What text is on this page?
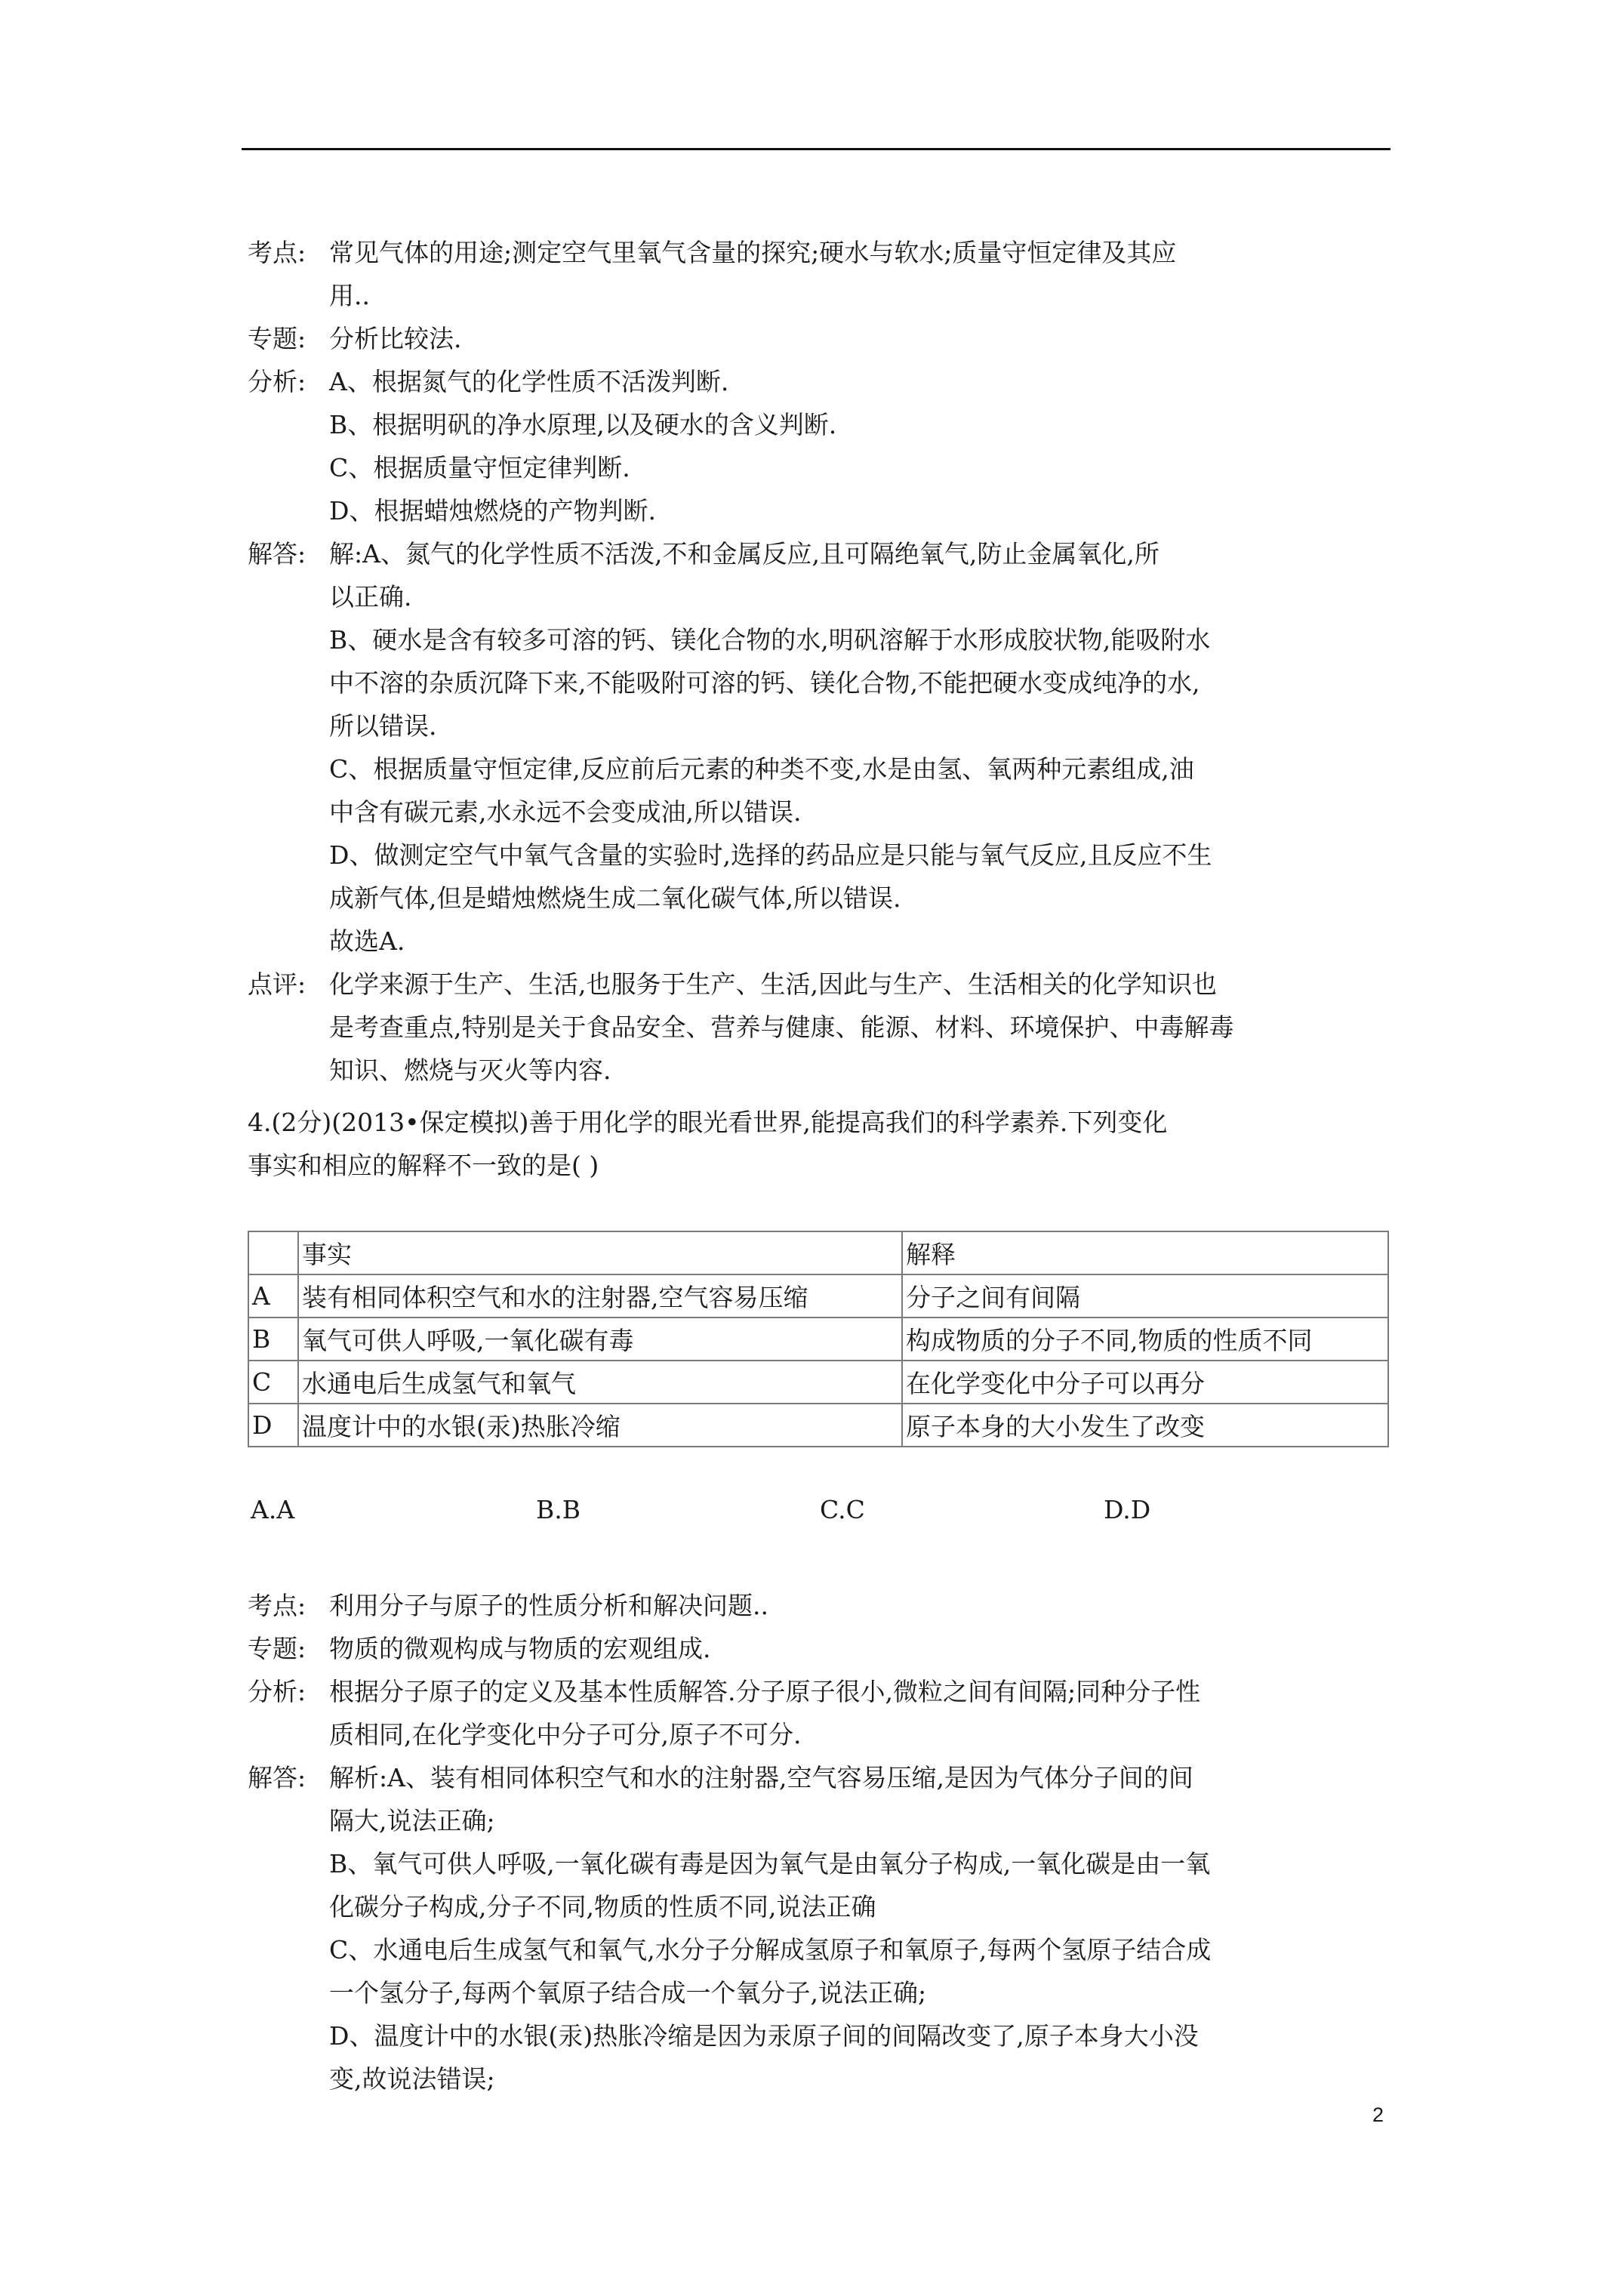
考点: 常见气体的用途;测定空气里氧气含量的探究;硬水与软水;质量守恒定律及其应
用..
专题: 分析比较法.
分析: A、根据氮气的化学性质不活泼判断.
B、根据明矾的净水原理,以及硬水的含义判断.
C、根据质量守恒定律判断.
D、根据蜡烛燃烧的产物判断.
解答: 解:A、氮气的化学性质不活泼,不和金属反应,且可隔绝氧气,防止金属氧化,所
以正确.
B、硬水是含有较多可溶的钙、镁化合物的水,明矾溶解于水形成胶状物,能吸附水
中不溶的杂质沉降下来,不能吸附可溶的钙、镁化合物,不能把硬水变成纯净的水,
所以错误.
C、根据质量守恒定律,反应前后元素的种类不变,水是由氢、氧两种元素组成,油
中含有碳元素,水永远不会变成油,所以错误.
D、做测定空气中氧气含量的实验时,选择的药品应是只能与氧气反应,且反应不生
成新气体,但是蜡烛燃烧生成二氧化碳气体,所以错误.
故选A.
点评: 化学来源于生产、生活,也服务于生产、生活,因此与生产、生活相关的化学知识也
是考查重点,特别是关于食品安全、营养与健康、能源、材料、环境保护、中毒解毒
知识、燃烧与灭火等内容.
4.(2分)(2013•保定模拟)善于用化学的眼光看世界,能提高我们的科学素养.下列变化
事实和相应的解释不一致的是( )
	事实	解释
A	装有相同体积空气和水的注射器,空气容易压缩	分子之间有间隔
B	氧气可供人呼吸,一氧化碳有毒	构成物质的分子不同,物质的性质不同
C	水通电后生成氢气和氧气	在化学变化中分子可以再分
D	温度计中的水银(汞)热胀冷缩	原子本身的大小发生了改变
A.A	B.B	C.C	D.D
考点: 利用分子与原子的性质分析和解决问题..
专题: 物质的微观构成与物质的宏观组成.
分析: 根据分子原子的定义及基本性质解答.分子原子很小,微粒之间有间隔;同种分子性
质相同,在化学变化中分子可分,原子不可分.
解答: 解析:A、装有相同体积空气和水的注射器,空气容易压缩,是因为气体分子间的间
隔大,说法正确;
B、氧气可供人呼吸,一氧化碳有毒是因为氧气是由氧分子构成,一氧化碳是由一氧
化碳分子构成,分子不同,物质的性质不同,说法正确
C、水通电后生成氢气和氧气,水分子分解成氢原子和氧原子,每两个氢原子结合成
一个氢分子,每两个氧原子结合成一个氧分子,说法正确;
D、温度计中的水银(汞)热胀冷缩是因为汞原子间的间隔改变了,原子本身大小没
变,故说法错误;
2
